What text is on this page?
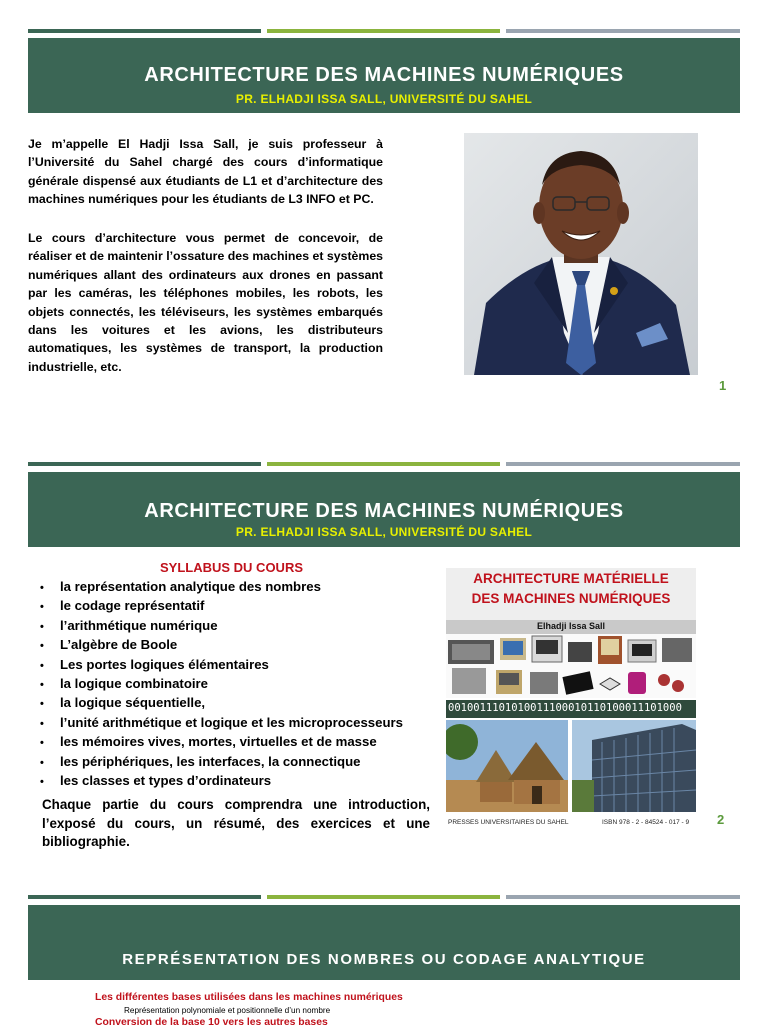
ARCHITECTURE DES MACHINES NUMÉRIQUES
PR. ELHADJI ISSA SALL, UNIVERSITÉ DU SAHEL
Je m’appelle El Hadji Issa Sall, je suis professeur à l’Université du Sahel chargé des cours d’informatique générale dispensé aux étudiants de L1 et d’architecture des machines numériques pour les étudiants de L3 INFO et PC.
Le cours d’architecture vous permet de concevoir, de réaliser et de maintenir l’ossature des machines et systèmes numériques allant des ordinateurs aux drones en passant par les caméras, les téléphones mobiles, les robots, les objets connectés, les téléviseurs, les systèmes embarqués dans les voitures et les avions, les distributeurs automatiques, les systèmes de transport, la production industrielle, etc.
1
ARCHITECTURE DES MACHINES NUMÉRIQUES
PR. ELHADJI ISSA SALL, UNIVERSITÉ DU SAHEL
SYLLABUS DU COURS
• la représentation analytique des nombres
• le codage représentatif
• l’arithmétique numérique
• L’algèbre de Boole
• Les portes logiques élémentaires
• la logique combinatoire
• la logique séquentielle,
• l’unité arithmétique et logique et les microprocesseurs
• les mémoires vives, mortes, virtuelles et de masse
• les périphériques, les interfaces, la connectique
• les classes et types d’ordinateurs
Chaque partie du cours comprendra une introduction, l’exposé du cours, un résumé, des exercices et une bibliographie.
ARCHITECTURE MATÉRIELLE
DES MACHINES NUMÉRIQUES
Elhadji Issa Sall
0010011101010011100010110100011101000
PRESSES UNIVERSITAIRES DU SAHEL	ISBN 978 - 2 - 84524 - 017 - 9 2
REPRÉSENTATION DES NOMBRES OU CODAGE ANALYTIQUE
Les différentes bases utilisées dans les machines numériques
Représentation polynomiale et positionnelle d’un nombre
Conversion de la base 10 vers les autres bases
